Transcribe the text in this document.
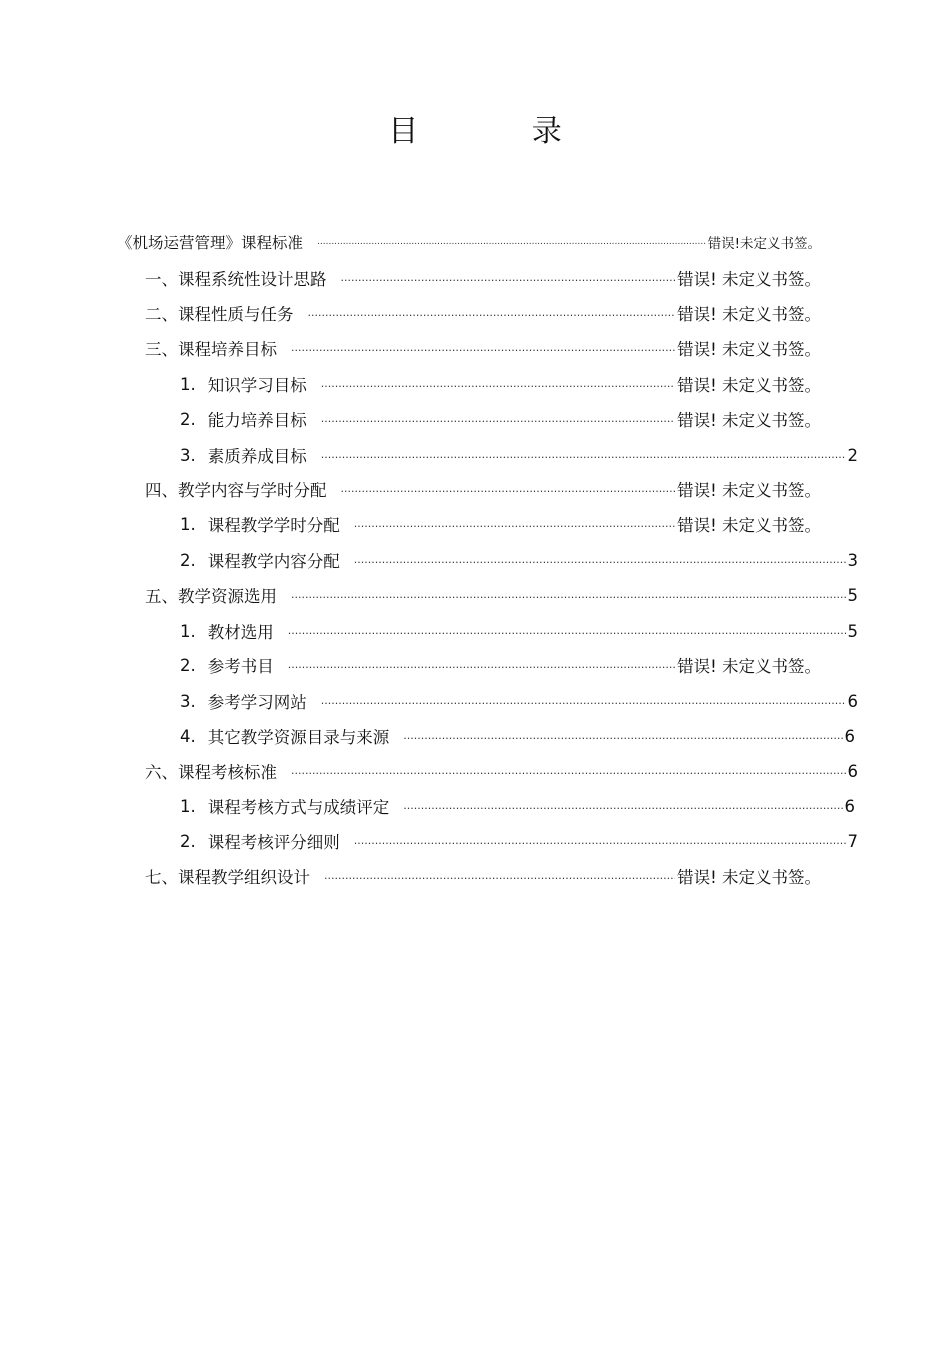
目 录
《机场运营管理》课程标准 .....	错误!未定义书签。
一、课程系统性设计思路 .....	错误! 未定义书签。
二、课程性质与任务 .....	错误! 未定义书签。
三、课程培养目标 .....	错误! 未定义书签。
1. 知识学习目标 .....	错误! 未定义书签。
2. 能力培养目标 .....	错误! 未定义书签。
3. 素质养成目标 .....	2
四、教学内容与学时分配 .....	错误! 未定义书签。
1. 课程教学学时分配 .....	错误! 未定义书签。
2. 课程教学内容分配 .....	3
五、教学资源选用 .....	5
1. 教材选用 .....	5
2. 参考书目 .....	错误! 未定义书签。
3. 参考学习网站 .....	6
4. 其它教学资源目录与来源 .....	6
六、课程考核标准 .....	6
1. 课程考核方式与成绩评定 .....	6
2. 课程考核评分细则 .....	7
七、课程教学组织设计 .....	错误! 未定义书签。
